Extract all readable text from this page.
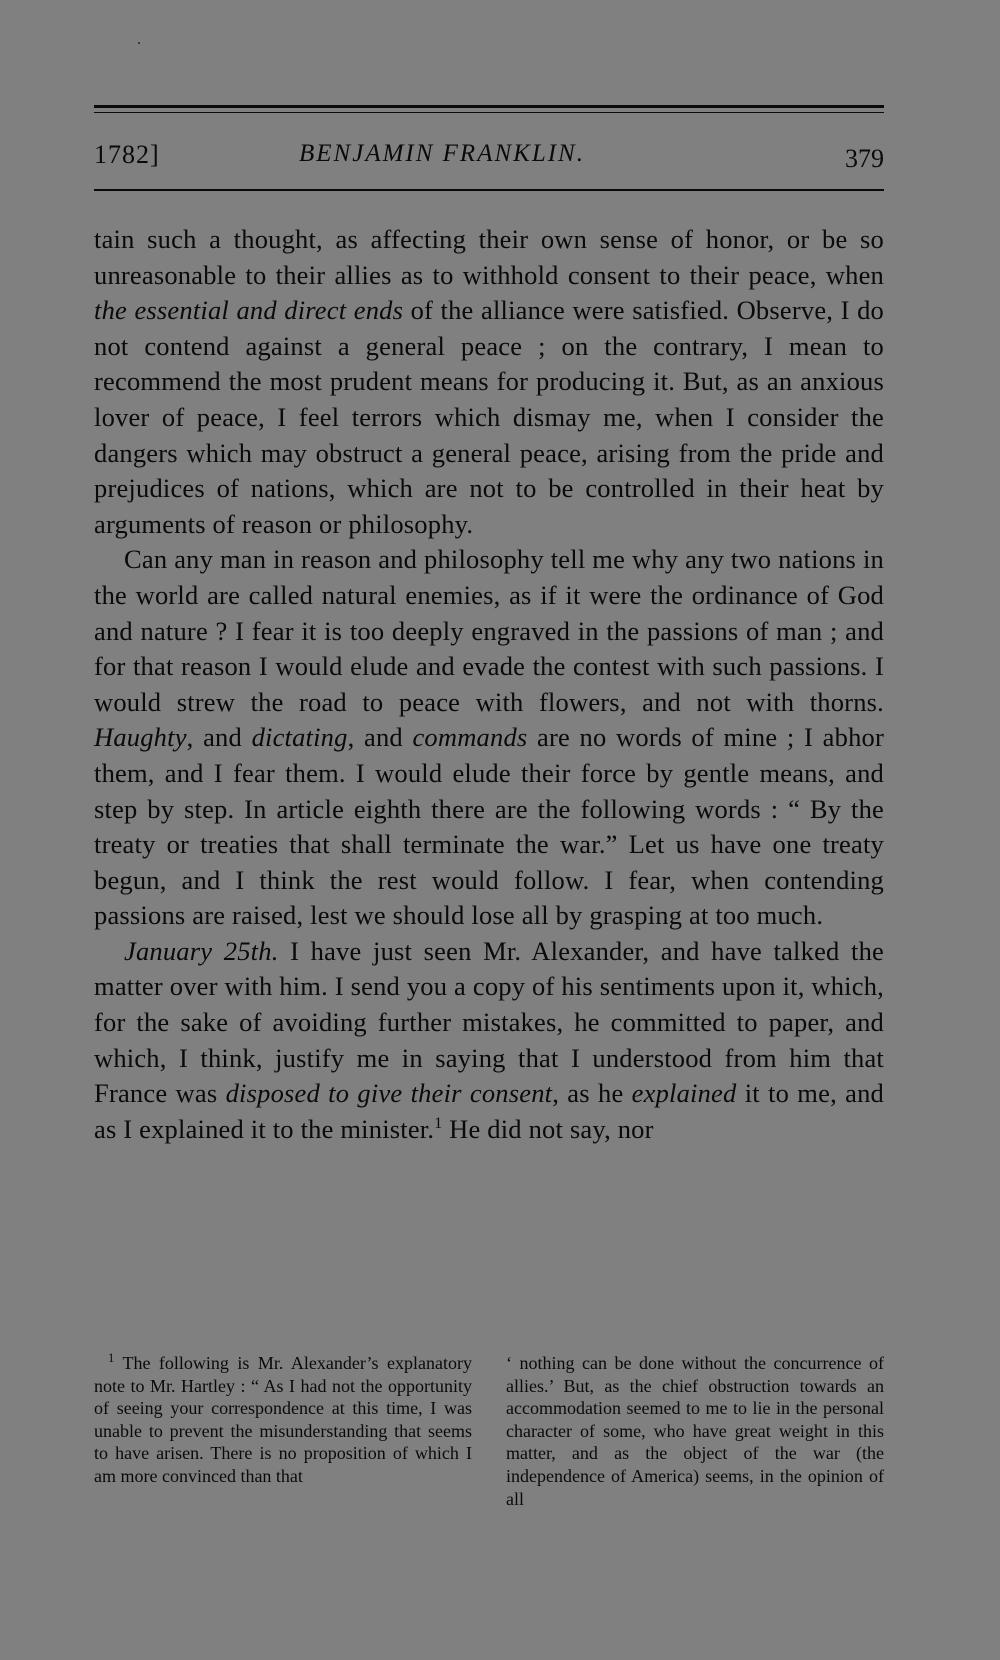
1782]	BENJAMIN FRANKLIN.	379

tain such a thought, as affecting their own sense of honor, or be so unreasonable to their allies as to withhold consent to their peace, when the essential and direct ends of the alliance were satisfied. Observe, I do not contend against a general peace ; on the contrary, I mean to recommend the most prudent means for producing it. But, as an anxious lover of peace, I feel terrors which dismay me, when I consider the dangers which may obstruct a general peace, arising from the pride and prejudices of nations, which are not to be controlled in their heat by arguments of reason or philosophy.

Can any man in reason and philosophy tell me why any two nations in the world are called natural enemies, as if it were the ordinance of God and nature ? I fear it is too deeply engraved in the passions of man ; and for that reason I would elude and evade the contest with such passions. I would strew the road to peace with flowers, and not with thorns. Haughty, and dictating, and commands are no words of mine ; I abhor them, and I fear them. I would elude their force by gentle means, and step by step. In article eighth there are the following words : “ By the treaty or treaties that shall terminate the war.” Let us have one treaty begun, and I think the rest would follow. I fear, when contending passions are raised, lest we should lose all by grasping at too much.

January 25th. I have just seen Mr. Alexander, and have talked the matter over with him. I send you a copy of his sentiments upon it, which, for the sake of avoiding further mistakes, he committed to paper, and which, I think, justify me in saying that I understood from him that France was disposed to give their consent, as he explained it to me, and as I explained it to the minister.$^1$ He did not say, nor

$^1$ The following is Mr. Alexander’s explanatory note to Mr. Hartley : “ As I had not the opportunity of seeing your correspondence at this time, I was unable to prevent the misunderstanding that seems to have arisen. There is no proposition of which I am more convinced than that

‘ nothing can be done without the concurrence of allies.’ But, as the chief obstruction towards an accommodation seemed to me to lie in the personal character of some, who have great weight in this matter, and as the object of the war (the independence of America) seems, in the opinion of all
